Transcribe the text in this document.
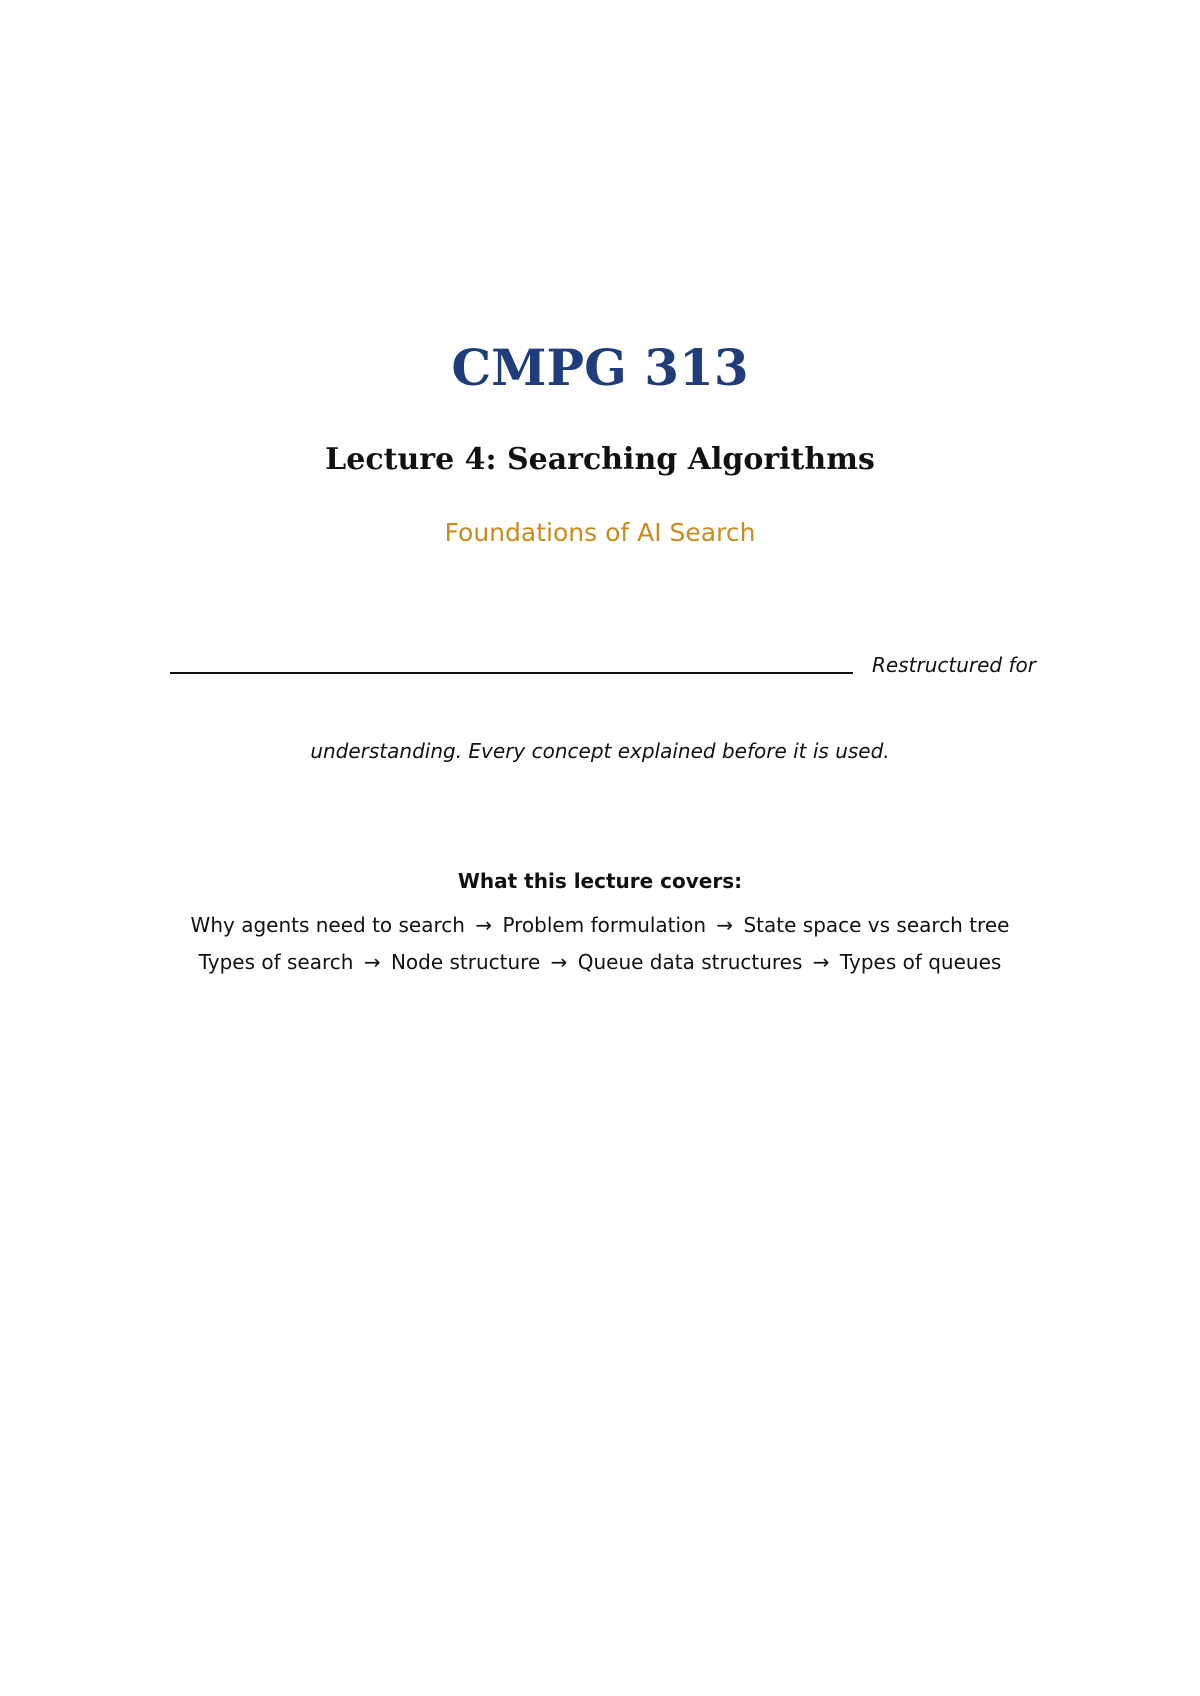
CMPG 313
Lecture 4: Searching Algorithms
Foundations of AI Search
Restructured for
understanding. Every concept explained before it is used.
What this lecture covers:
Why agents need to search → Problem formulation → State space vs search tree
Types of search → Node structure → Queue data structures → Types of queues
